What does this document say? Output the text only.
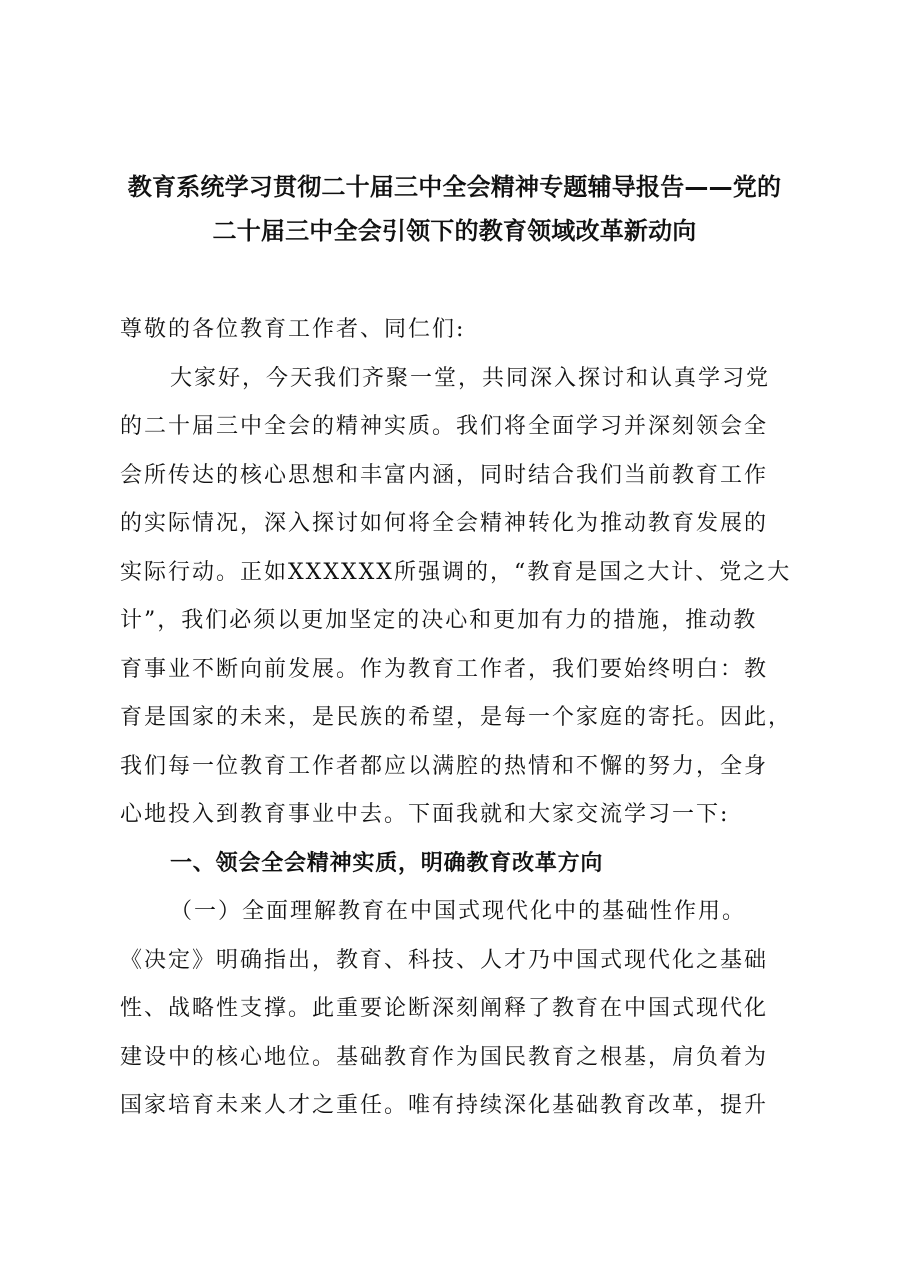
教育系统学习贯彻二十届三中全会精神专题辅导报告——党的
二十届三中全会引领下的教育领域改革新动向
尊敬的各位教育工作者、同仁们:
大家好，今天我们齐聚一堂，共同深入探讨和认真学习党
的二十届三中全会的精神实质。我们将全面学习并深刻领会全
会所传达的核心思想和丰富内涵，同时结合我们当前教育工作
的实际情况，深入探讨如何将全会精神转化为推动教育发展的
实际行动。正如XXXXXX所强调的，“教育是国之大计、党之大
计”，我们必须以更加坚定的决心和更加有力的措施，推动教
育事业不断向前发展。作为教育工作者，我们要始终明白：教
育是国家的未来，是民族的希望，是每一个家庭的寄托。因此，
我们每一位教育工作者都应以满腔的热情和不懈的努力，全身
心地投入到教育事业中去。下面我就和大家交流学习一下:
一、领会全会精神实质，明确教育改革方向
（一）全面理解教育在中国式现代化中的基础性作用。
《决定》明确指出，教育、科技、人才乃中国式现代化之基础
性、战略性支撑。此重要论断深刻阐释了教育在中国式现代化
建设中的核心地位。基础教育作为国民教育之根基，肩负着为
国家培育未来人才之重任。唯有持续深化基础教育改革，提升
